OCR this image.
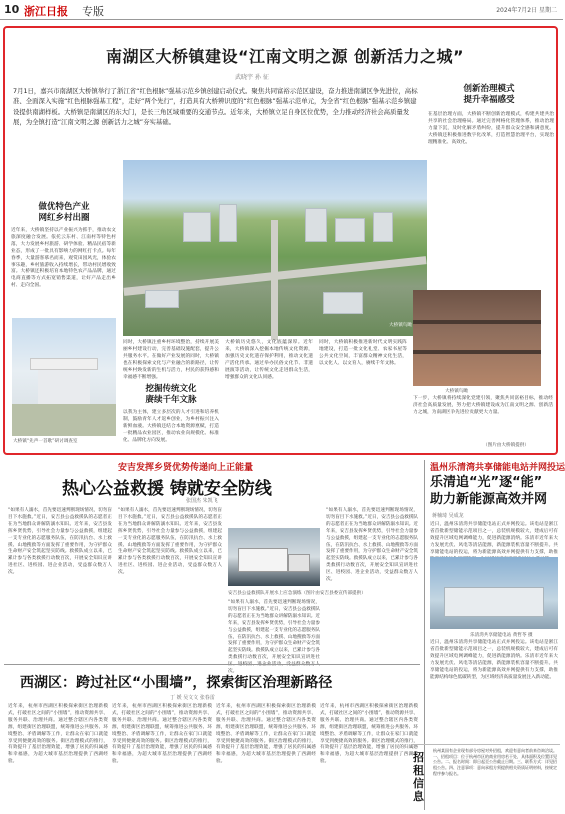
10 浙江日报 专版	2024年7月2日 星期二
南湖区大桥镇建设“江南文明之源 创新活力之城”
武晓宇 孙 征
7月1日，嘉兴市南湖区大桥镇举行了浙江省“红色根脉”强基示范乡镇创建启动仪式。聚焦共同富裕示范区建设，奋力推进南湖区争先进位，高标准、全面深入实施“红色根脉强基工程”，走好“两个先行”，打造具有大桥辨识度的“红色根脉”强基示范单元，为全省“红色根脉”强基示范乡镇建设提供南湖样板。大桥镇是南湖区的东大门，是长三角区域重要的交通节点。近年来，大桥镇立足自身区位优势，全力推动经济社会高质量发展，为全镇打造“江南文明之源 创新活力之城”夯实基础。
做优特色产业
网红乡村出圈
近年来，大桥镇坚持以产业振兴为抓手，推动农文旅深度融合发展。依托云东村、江南村等特色村落，大力发展乡村旅游、研学体验、精品民宿等新业态，形成了一批具有影响力的网红打卡点。每年春季，大量游客慕名而来，观赏田园风光，体验农事乐趣，乡村旅游收入持续增长，带动村民增收致富。大桥镇还积极培育本地特色农产品品牌，通过电商直播等方式拓宽销售渠道，让好产品走出乡村、走向全国。
创新治理模式
提升幸福感受
在基层治理方面，大桥镇不断创新治理模式，构建共建共治共享的社会治理格局。通过完善网格化管理体系，推动治理力量下沉，及时化解矛盾纠纷，提升群众安全感和满意度。大桥镇还积极推进数字化改革，打造智慧治理平台，实现治理精准化、高效化。
同时，大桥镇注重乡村环境整治，持续开展美丽乡村建设行动，完善基础设施配套，提升公共服务水平。在做好产业发展的同时，大桥镇也在积极探索文化与产业融合的新路径，让传统乡村焕发新的生机与活力，村民的获得感和幸福感不断增强。
挖掘传统文化
赓续千年文脉
以我为主体，建立多层次的人才引进和培养机制，鼓励青年人才返乡创业，为乡村振兴注入新鲜血液。大桥镇还结合本地资源禀赋，打造一批精品农业园区，推动农业向规模化、标准化、品牌化方向发展。
大桥镇历史悠久，文化底蕴深厚。近年来，大桥镇深入挖掘本地传统文化资源，加强历史文化遗存保护利用，推动文化遗产活化传承。通过举办民俗文化节、非遗展演等活动，让传统文化走进群众生活，增强群众的文化认同感。
同时，大桥镇积极推进新时代文明实践阵地建设，打造一批文化礼堂、农家书屋等公共文化空间，丰富群众精神文化生活，以文化人、以文育人，赓续千年文脉。
大桥镇“先声一首歌”研讨调查室
大桥镇鸟瞰
下一步，大桥镇将持续深化党建引领，聚焦共同富裕目标，推动经济社会高质量发展，努力把大桥镇建设成为江南文明之源、创新活力之城，为南湖区争先进位贡献更大力量。
（图片由大桥镇提供）
大桥镇鸟瞰
安吉发挥乡贤优势传递向上正能量
热心公益救援 铸就安全防线
张国杰 朱凯飞
“如果有人溺水，首先要迅速判断现场情况，切勿盲目下水施救。”近日，安吉县公益救援队的志愿者正在为当地群众讲解防溺水知识。近年来，安吉县发挥乡贤优势，引导社会力量参与公益救援，组建起一支专业化的志愿服务队伍，在防汛抗台、水上救援、山地搜救等方面发挥了重要作用，为守护群众生命财产安全筑起坚实防线。救援队成立以来，已累计参与各类救援行动数百次，开展安全知识宣讲进社区、进校园、进企业活动，受益群众数万人次。
“如果有人溺水，首先要迅速判断现场情况，切勿盲目下水施救。”近日，安吉县公益救援队的志愿者正在为当地群众讲解防溺水知识。近年来，安吉县发挥乡贤优势，引导社会力量参与公益救援，组建起一支专业化的志愿服务队伍，在防汛抗台、水上救援、山地搜救等方面发挥了重要作用，为守护群众生命财产安全筑起坚实防线。救援队成立以来，已累计参与各类救援行动数百次，开展安全知识宣讲进社区、进校园、进企业活动，受益群众数万人次。
安吉县公益救援队开展水上应急演练（图片由安吉县委宣传部提供）
“如果有人溺水，首先要迅速判断现场情况，切勿盲目下水施救。”近日，安吉县公益救援队的志愿者正在为当地群众讲解防溺水知识。近年来，安吉县发挥乡贤优势，引导社会力量参与公益救援，组建起一支专业化的志愿服务队伍，在防汛抗台、水上救援、山地搜救等方面发挥了重要作用，为守护群众生命财产安全筑起坚实防线。救援队成立以来，已累计参与各类救援行动数百次，开展安全知识宣讲进社 次。
“如果有人溺水，首先要迅速判断现场情况，切勿盲目下水施救。”近日，安吉县公益救援队的志愿者正在为当地群众讲解防溺水知识。近年来，安吉县发挥乡贤优势，引导社会力量参与公益救援，组建起一支专业化的志愿服务队伍，在防汛抗台、水上救援、山地搜救等方面发挥了重要作用，为守护群众生命财产安全筑起坚实防线。救援队成立以来，已累计参与各类救援行动数百次，开展安全知识宣讲进社区、进校园、进企业活动，受益群众数万人次。
温州乐清湾共享储能电站并网投运
乐清追“光”逐“能”
助力新能源高效并网
蒋楠琦 吴成龙
近日，温州乐清湾共享储能电站正式并网投运。该电站是浙江省首批新型储能示范项目之一，总装机规模较大，建成后可有效提升区域电网调峰能力，促进新能源消纳。乐清市近年来大力发展光伏、风电等清洁能源，新能源装机容量不断提升。共享储能电站的投运，将为新能源高效并网提供有力支撑，助推
乐清湾共享储能电站 黄哲苓 摄
近日，温州乐清湾共享储能电站正式并网投运。该电站是浙江省首批新型储能示范项目之一，总装机规模较大，建成后可有效提升区域电网调峰能力，促进新能源消纳。乐清市近年来大力发展光伏、风电等清洁能源，新能源装机容量不断提升。共享储能电站的投运，将为新能源高效并网提供有力支撑，助推能源结构绿色低碳转型，为区域经济高质量发展注入新动能。
西湖区：跨过社区“小围墙”，探索街区治理新路径
丁 媛 吴文文 张春雷
近年来，杭州市西湖区积极探索街区治理新模式，打破社区之间的“小围墙”，推动资源共享、服务共联、治理共商。通过整合辖区内各类资源，组建街区治理联盟，统筹推进公共服务、环境整治、矛盾调解等工作，让群众在家门口就能享受到便捷高效的服务。街区治理模式的推行，有效提升了基层治理效能，增强了居民的归属感和幸福感，为超大城市基层治理提供了西湖经验。
近年来，杭州市西湖区积极探索街区治理新模式，打破社区之间的“小围墙”，推动资源共享、服务共联、治理共商。通过整合辖区内各类资源，组建街区治理联盟，统筹推进公共服务、环境整治、矛盾调解等工作，让群众在家门口就能享受到便捷高效的服务。街区治理模式的推行，有效提升了基层治理效能，增强了居民的归属感和幸福感，为超大城市基层治理提供了西湖经验。
近年来，杭州市西湖区积极探索街区治理新模式，打破社区之间的“小围墙”，推动资源共享、服务共联、治理共商。通过整合辖区内各类资源，组建街区治理联盟，统筹推进公共服务、环境整治、矛盾调解等工作，让群众在家门口就能享受到便捷高效的服务。街区治理模式的推行，有效提升了基层治理效能，增强了居民的归属感和幸福感，为超大城市基层治理提供了西湖经验。
近年来，杭州市西湖区积极探索街区治理新模式，打破社区之间的“小围墙”，推动资源共享、服务共联、治理共商。通过整合辖区内各类资源，组建街区治理联盟，统筹推进公共服务、环境整治、矛盾调解等工作，让群众在家门口就能享受到便捷高效的服务。街区治理模式的推行，有效提升了基层治理效能，增强了居民的归属感和幸福感，为超大城市基层治理提供了西湖经验。	招租信息
杭州某国有企业现有部分房屋对外招租，欢迎有意向者前来咨询洽谈。一、招租项目：位于杭州市区的商业用房若干处，具体面积及位置详见公告。二、报名时间：即日起至公告截止日期。三、联系方式：详见招租公告。四、注意事项：意向承租方须提供相关资质证明材料，按规定程序参与报名。
